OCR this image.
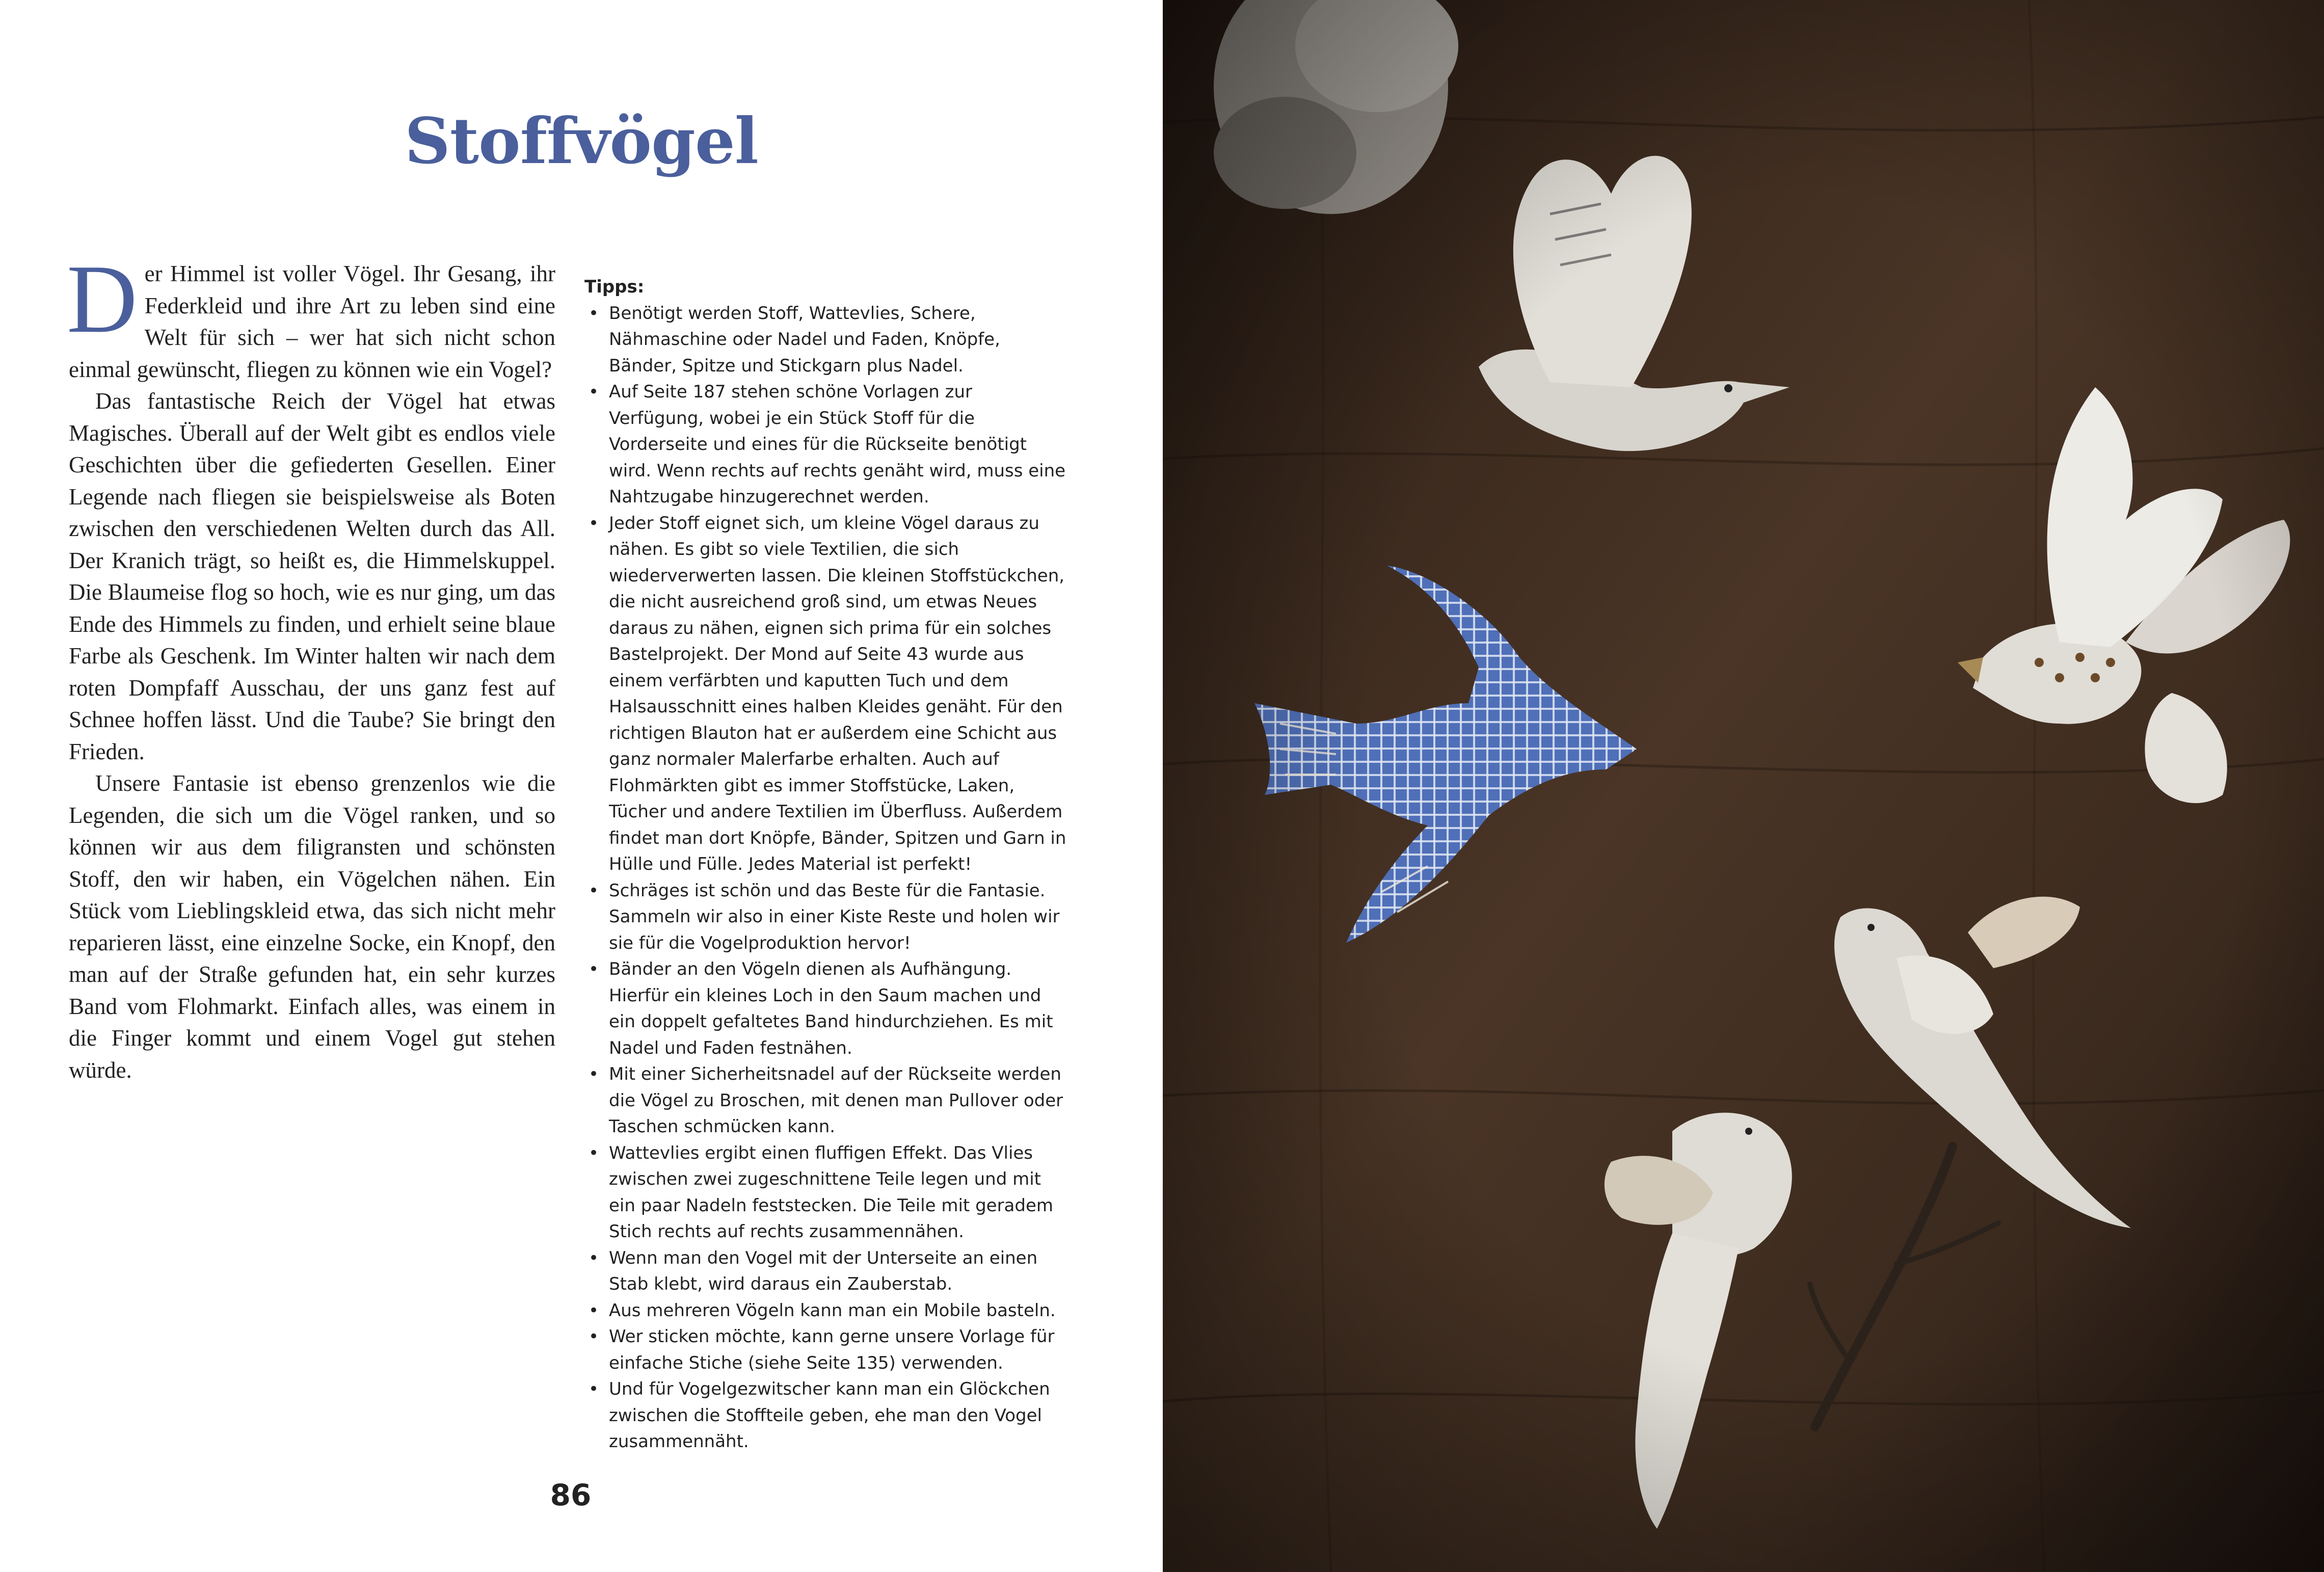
Stoffvögel

Der Himmel ist voller Vögel. Ihr Gesang, ihr Federkleid und ihre Art zu leben sind eine Welt für sich – wer hat sich nicht schon einmal gewünscht, fliegen zu können wie ein Vogel?

Das fantastische Reich der Vögel hat etwas Magisches. Überall auf der Welt gibt es endlos viele Geschichten über die gefiederten Gesellen. Einer Legende nach fliegen sie beispielsweise als Boten zwischen den verschiedenen Welten durch das All. Der Kranich trägt, so heißt es, die Himmelskuppel. Die Blaumeise flog so hoch, wie es nur ging, um das Ende des Himmels zu finden, und erhielt seine blaue Farbe als Geschenk. Im Winter halten wir nach dem roten Dompfaff Ausschau, der uns ganz fest auf Schnee hoffen lässt. Und die Taube? Sie bringt den Frieden.

Unsere Fantasie ist ebenso grenzenlos wie die Legenden, die sich um die Vögel ranken, und so können wir aus dem filigransten und schönsten Stoff, den wir haben, ein Vögelchen nähen. Ein Stück vom Lieblingskleid etwa, das sich nicht mehr reparieren lässt, eine einzelne Socke, ein Knopf, den man auf der Straße gefunden hat, ein sehr kurzes Band vom Flohmarkt. Einfach alles, was einem in die Finger kommt und einem Vogel gut stehen würde.

Tipps:

• Benötigt werden Stoff, Wattevlies, Schere, Nähmaschine oder Nadel und Faden, Knöpfe, Bänder, Spitze und Stickgarn plus Nadel.
• Auf Seite 187 stehen schöne Vorlagen zur Verfügung, wobei je ein Stück Stoff für die Vorderseite und eines für die Rückseite benötigt wird. Wenn rechts auf rechts genäht wird, muss eine Nahtzugabe hinzugerechnet werden.
• Jeder Stoff eignet sich, um kleine Vögel daraus zu nähen. Es gibt so viele Textilien, die sich wiederverwerten lassen. Die kleinen Stoffstückchen, die nicht ausreichend groß sind, um etwas Neues daraus zu nähen, eignen sich prima für ein solches Bastelprojekt. Der Mond auf Seite 43 wurde aus einem verfärbten und kaputten Tuch und dem Halsausschnitt eines halben Kleides genäht. Für den richtigen Blauton hat er außerdem eine Schicht aus ganz normaler Malerfarbe erhalten. Auch auf Flohmärkten gibt es immer Stoffstücke, Laken, Tücher und andere Textilien im Überfluss. Außerdem findet man dort Knöpfe, Bänder, Spitzen und Garn in Hülle und Fülle. Jedes Material ist perfekt!
• Schräges ist schön und das Beste für die Fantasie. Sammeln wir also in einer Kiste Reste und holen wir sie für die Vogelproduktion hervor!
• Bänder an den Vögeln dienen als Aufhängung. Hierfür ein kleines Loch in den Saum machen und ein doppelt gefaltetes Band hindurchziehen. Es mit Nadel und Faden festnähen.
• Mit einer Sicherheitsnadel auf der Rückseite werden die Vögel zu Broschen, mit denen man Pullover oder Taschen schmücken kann.
• Wattevlies ergibt einen fluffigen Effekt. Das Vlies zwischen zwei zugeschnittene Teile legen und mit ein paar Nadeln feststecken. Die Teile mit geradem Stich rechts auf rechts zusammennähen.
• Wenn man den Vogel mit der Unterseite an einen Stab klebt, wird daraus ein Zauberstab.
• Aus mehreren Vögeln kann man ein Mobile basteln.
• Wer sticken möchte, kann gerne unsere Vorlage für einfache Stiche (siehe Seite 135) verwenden.
• Und für Vogelgezwitscher kann man ein Glöckchen zwischen die Stoffteile geben, ehe man den Vogel zusammennäht.
86
